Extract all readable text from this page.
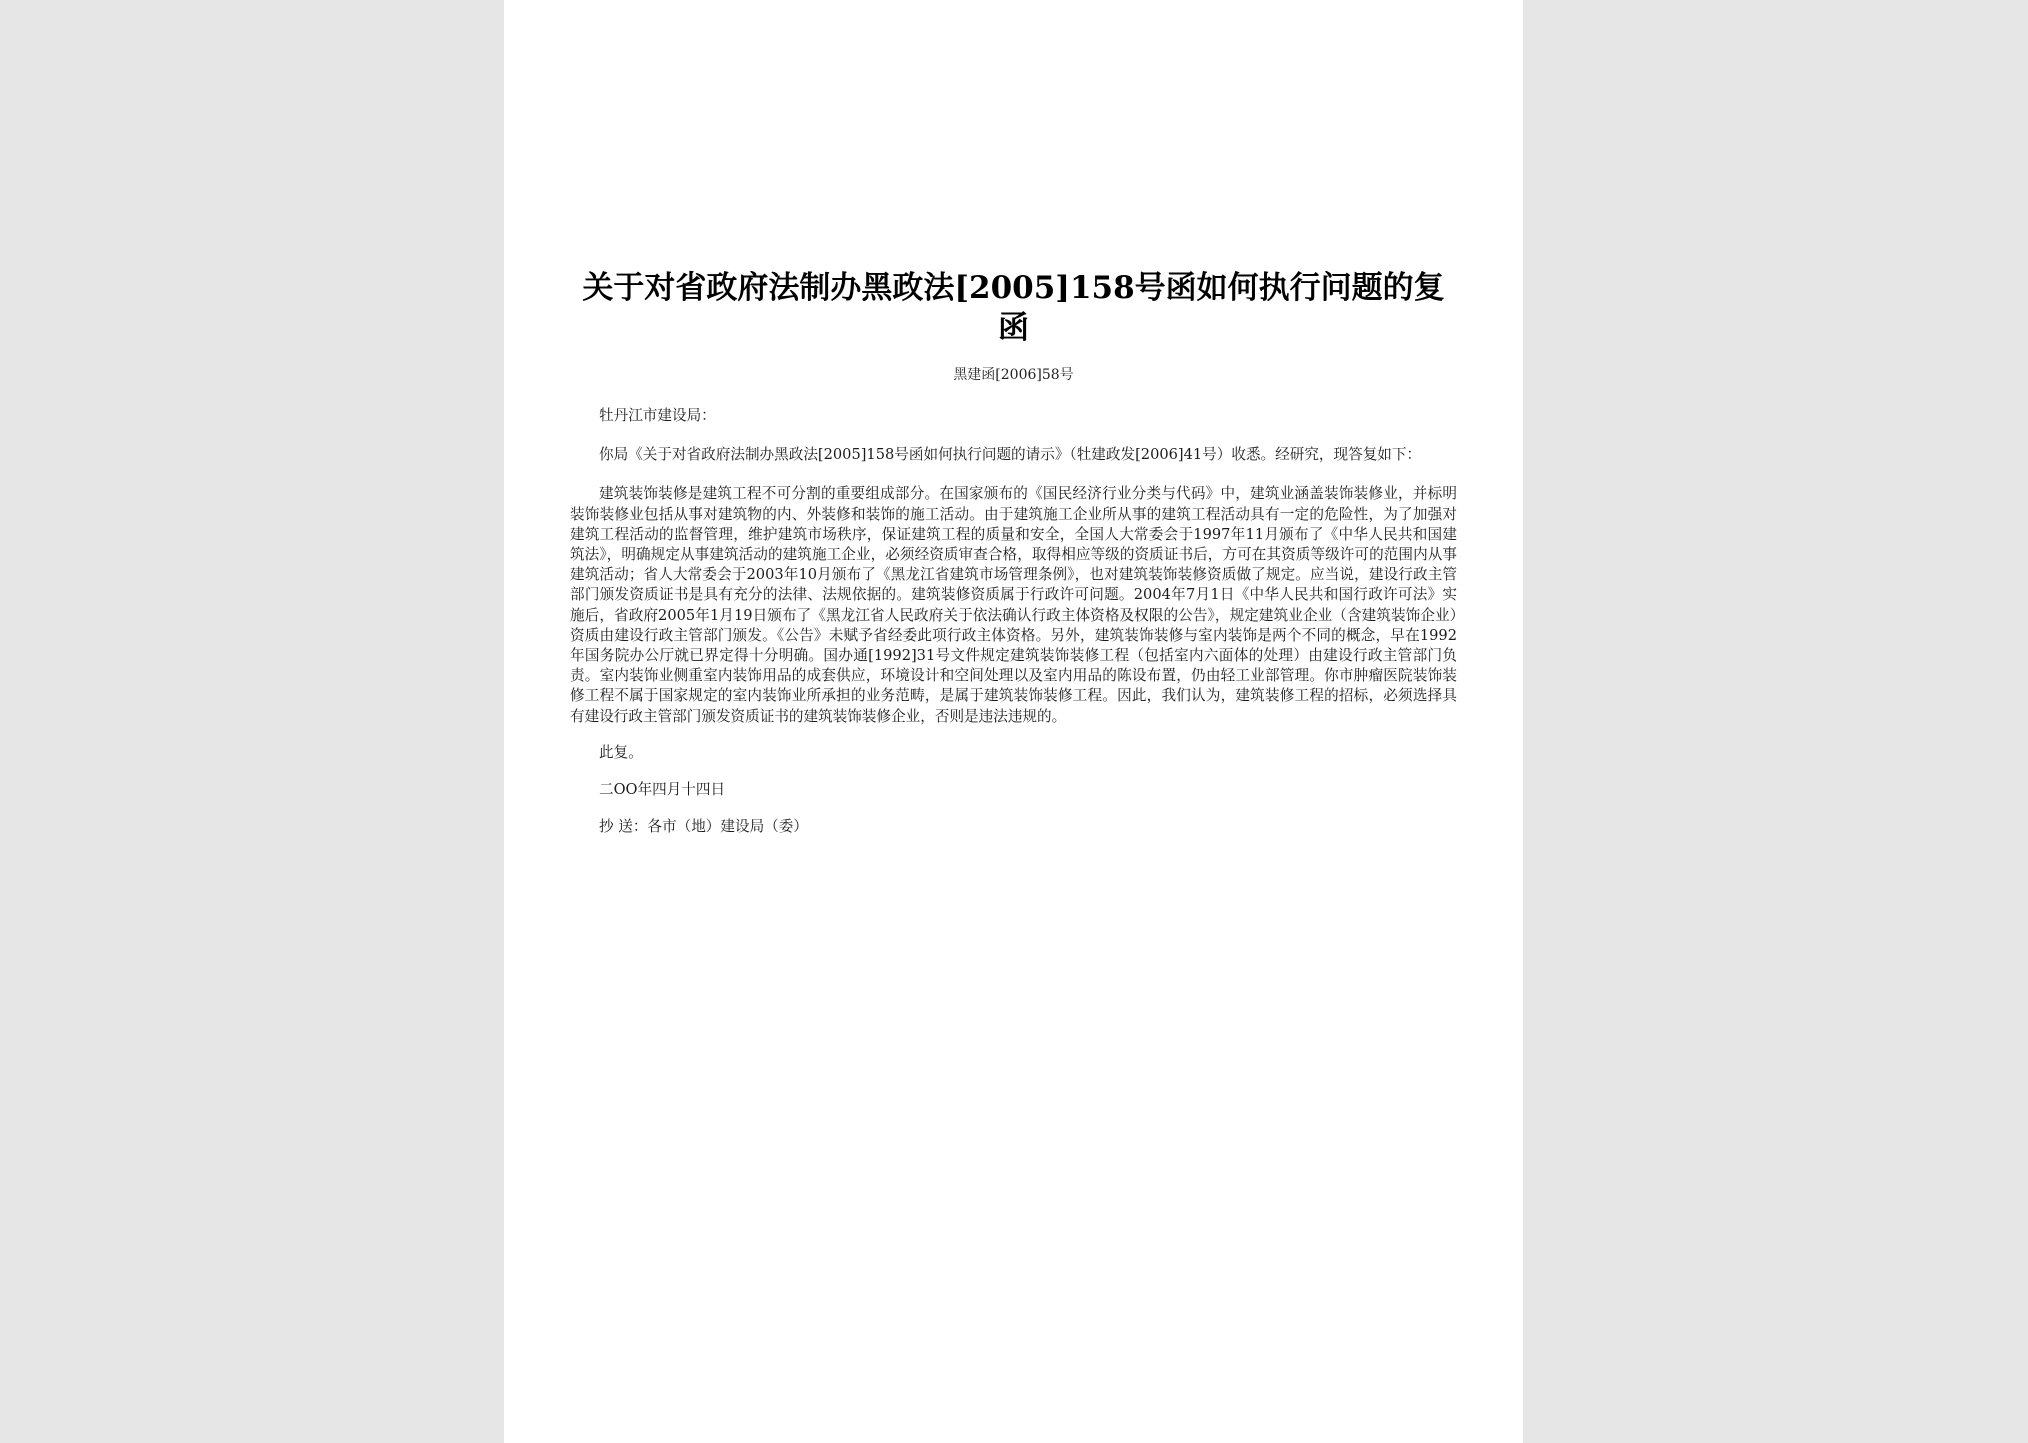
关于对省政府法制办黑政法[2005]158号函如何执行问题的复函
黑建函[2006]58号
牡丹江市建设局：
你局《关于对省政府法制办黑政法[2005]158号函如何执行问题的请示》（牡建政发[2006]41号）收悉。经研究，现答复如下：
建筑装饰装修是建筑工程不可分割的重要组成部分。在国家颁布的《国民经济行业分类与代码》中，建筑业涵盖装饰装修业，并标明装饰装修业包括从事对建筑物的内、外装修和装饰的施工活动。由于建筑施工企业所从事的建筑工程活动具有一定的危险性，为了加强对建筑工程活动的监督管理，维护建筑市场秩序，保证建筑工程的质量和安全，全国人大常委会于1997年11月颁布了《中华人民共和国建筑法》，明确规定从事建筑活动的建筑施工企业，必须经资质审查合格，取得相应等级的资质证书后，方可在其资质等级许可的范围内从事建筑活动；省人大常委会于2003年10月颁布了《黑龙江省建筑市场管理条例》，也对建筑装饰装修资质做了规定。应当说，建设行政主管部门颁发资质证书是具有充分的法律、法规依据的。建筑装修资质属于行政许可问题。2004年7月1日《中华人民共和国行政许可法》实施后，省政府2005年1月19日颁布了《黑龙江省人民政府关于依法确认行政主体资格及权限的公告》，规定建筑业企业（含建筑装饰企业）资质由建设行政主管部门颁发。《公告》未赋予省经委此项行政主体资格。另外，建筑装饰装修与室内装饰是两个不同的概念，早在1992年国务院办公厅就已界定得十分明确。国办通[1992]31号文件规定建筑装饰装修工程（包括室内六面体的处理）由建设行政主管部门负责。室内装饰业侧重室内装饰用品的成套供应，环境设计和空间处理以及室内用品的陈设布置，仍由轻工业部管理。你市肿瘤医院装饰装修工程不属于国家规定的室内装饰业所承担的业务范畴，是属于建筑装饰装修工程。因此，我们认为，建筑装修工程的招标，必须选择具有建设行政主管部门颁发资质证书的建筑装饰装修企业，否则是违法违规的。
此复。
二OO年四月十四日
抄 送：各市（地）建设局（委）
